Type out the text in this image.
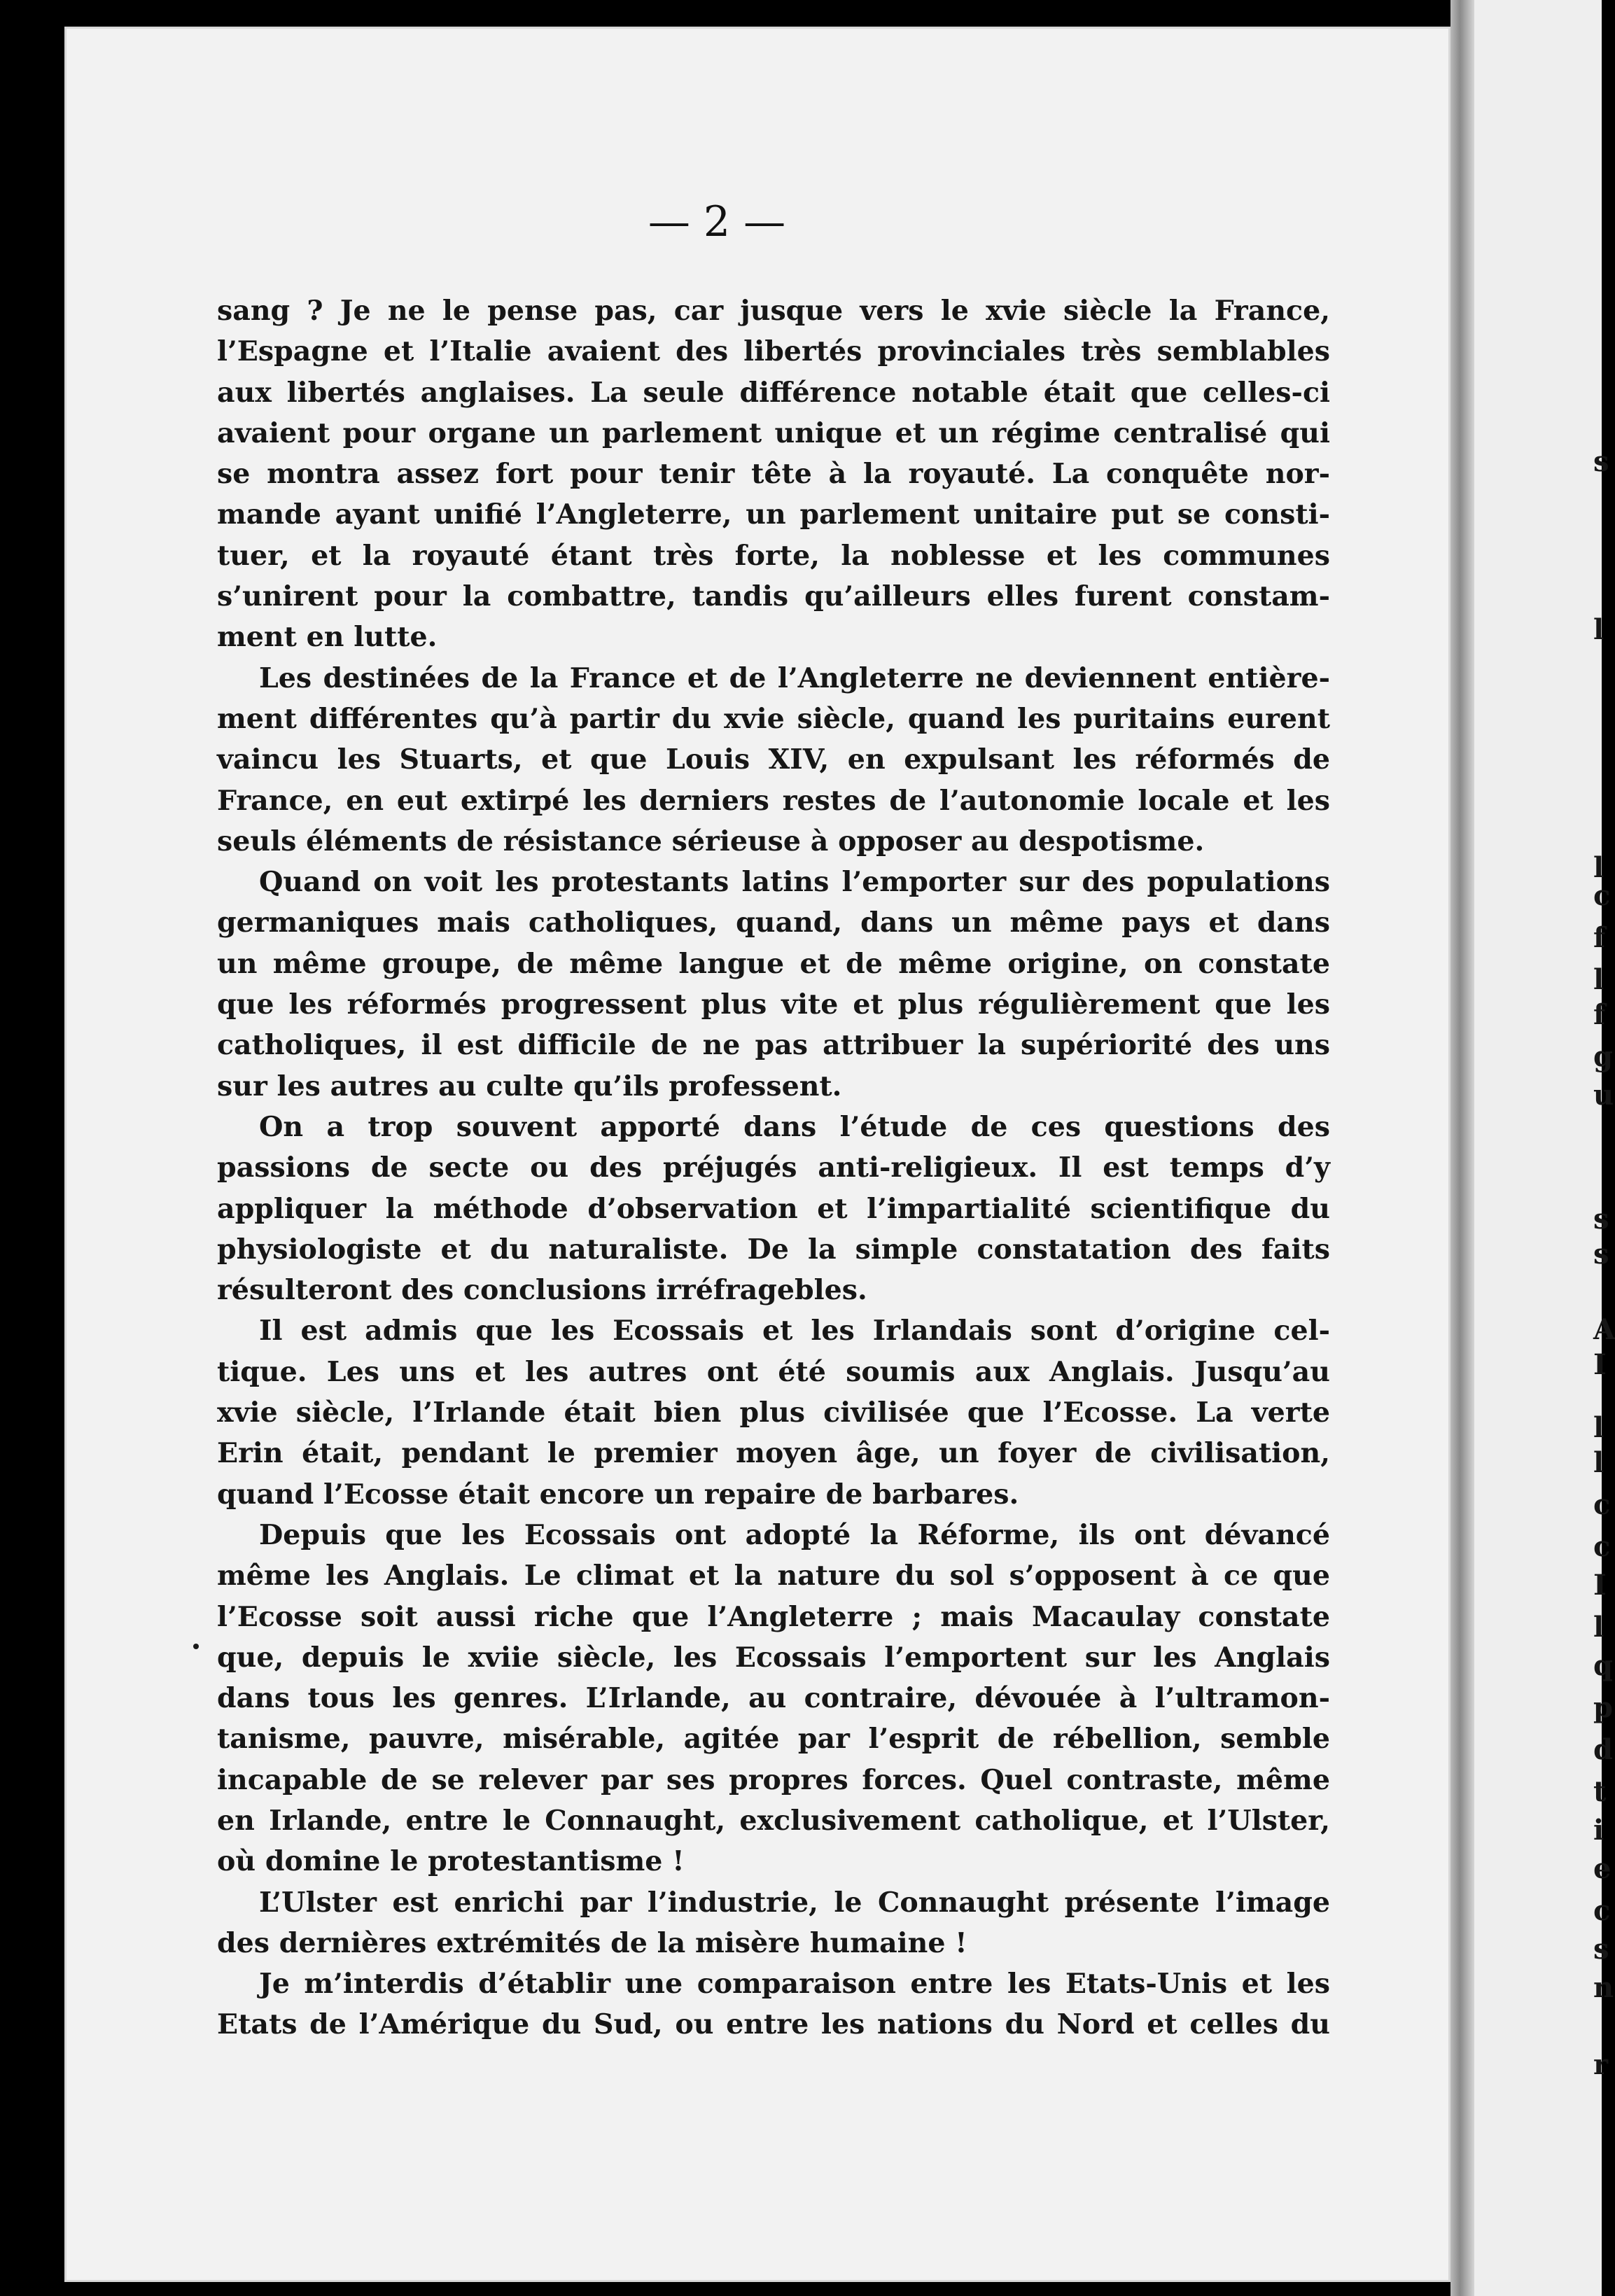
s
l
l
c
f
l
f
g
u
s
s
A
I
l
l
c
c
I
l
q
p
d
t
i
e
c
s
n
r
— 2 —
sang ? Je ne le pense pas, car jusque vers le xvie siècle la France,
l’Espagne et l’Italie avaient des libertés provinciales très semblables
aux libertés anglaises. La seule différence notable était que celles-ci
avaient pour organe un parlement unique et un régime centralisé qui
se montra assez fort pour tenir tête à la royauté. La conquête nor-
mande ayant unifié l’Angleterre, un parlement unitaire put se consti-
tuer, et la royauté étant très forte, la noblesse et les communes
s’unirent pour la combattre, tandis qu’ailleurs elles furent constam-
ment en lutte.
Les destinées de la France et de l’Angleterre ne deviennent entière-
ment différentes qu’à partir du xvie siècle, quand les puritains eurent
vaincu les Stuarts, et que Louis XIV, en expulsant les réformés de
France, en eut extirpé les derniers restes de l’autonomie locale et les
seuls éléments de résistance sérieuse à opposer au despotisme.
Quand on voit les protestants latins l’emporter sur des populations
germaniques mais catholiques, quand, dans un même pays et dans
un même groupe, de même langue et de même origine, on constate
que les réformés progressent plus vite et plus régulièrement que les
catholiques, il est difficile de ne pas attribuer la supériorité des uns
sur les autres au culte qu’ils professent.
On a trop souvent apporté dans l’étude de ces questions des
passions de secte ou des préjugés anti-religieux. Il est temps d’y
appliquer la méthode d’observation et l’impartialité scientifique du
physiologiste et du naturaliste. De la simple constatation des faits
résulteront des conclusions irréfragebles.
Il est admis que les Ecossais et les Irlandais sont d’origine cel-
tique. Les uns et les autres ont été soumis aux Anglais. Jusqu’au
xvie siècle, l’Irlande était bien plus civilisée que l’Ecosse. La verte
Erin était, pendant le premier moyen âge, un foyer de civilisation,
quand l’Ecosse était encore un repaire de barbares.
Depuis que les Ecossais ont adopté la Réforme, ils ont dévancé
même les Anglais. Le climat et la nature du sol s’opposent à ce que
l’Ecosse soit aussi riche que l’Angleterre ; mais Macaulay constate
que, depuis le xviie siècle, les Ecossais l’emportent sur les Anglais
dans tous les genres. L’Irlande, au contraire, dévouée à l’ultramon-
tanisme, pauvre, misérable, agitée par l’esprit de rébellion, semble
incapable de se relever par ses propres forces. Quel contraste, même
en Irlande, entre le Connaught, exclusivement catholique, et l’Ulster,
où domine le protestantisme !
L’Ulster est enrichi par l’industrie, le Connaught présente l’image
des dernières extrémités de la misère humaine !
Je m’interdis d’établir une comparaison entre les Etats-Unis et les
Etats de l’Amérique du Sud, ou entre les nations du Nord et celles du
